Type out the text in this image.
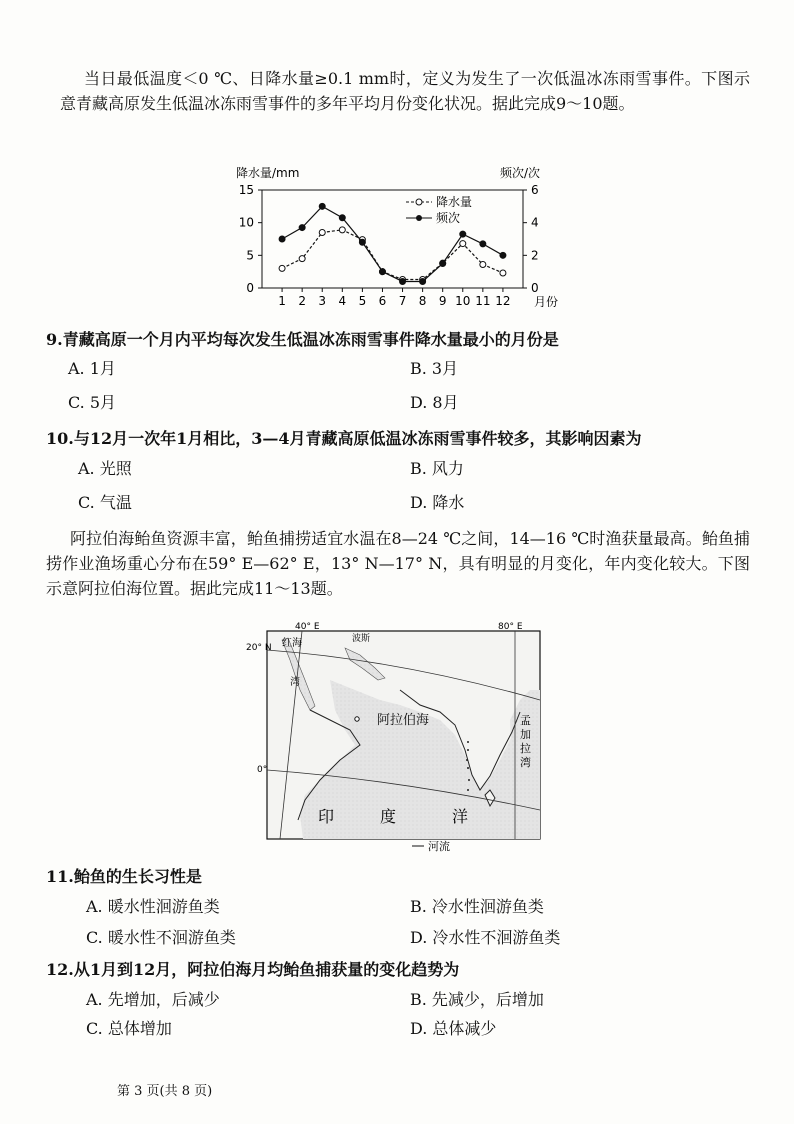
当日最低温度＜0 ℃、日降水量≥0.1 mm时，定义为发生了一次低温冰冻雨雪事件。下图示意青藏高原发生低温冰冻雨雪事件的多年平均月份变化状况。据此完成9～10题。

降水量/mm	频次/次
月份
0
5
10
15
0
2
4
6
1 2 3 4 5 6 7 8 9 10 11 12
降水量
频次
9.青藏高原一个月内平均每次发生低温冰冻雨雪事件降水量最小的月份是
A. 1月	B. 3月
C. 5月	D. 8月
10.与12月一次年1月相比，3—4月青藏高原低温冰冻雨雪事件较多，其影响因素为
A. 光照	B. 风力
C. 气温	D. 降水

阿拉伯海鲐鱼资源丰富，鲐鱼捕捞适宜水温在8—24 ℃之间，14—16 ℃时渔获量最高。鲐鱼捕捞作业渔场重心分布在59° E—62° E，13° N—17° N，具有明显的月变化，年内变化较大。下图示意阿拉伯海位置。据此完成11～13题。

40° E	80° E
20° N
0°
阿拉伯海
红海
湾
波斯
印	度	洋
孟
加
拉
湾
河流
11.鲐鱼的生长习性是
A. 暖水性洄游鱼类	B. 冷水性洄游鱼类
C. 暖水性不洄游鱼类	D. 冷水性不洄游鱼类
12.从1月到12月，阿拉伯海月均鲐鱼捕获量的变化趋势为
A. 先增加，后减少	B. 先减少，后增加
C. 总体增加	D. 总体减少
第 3 页(共 8 页)
